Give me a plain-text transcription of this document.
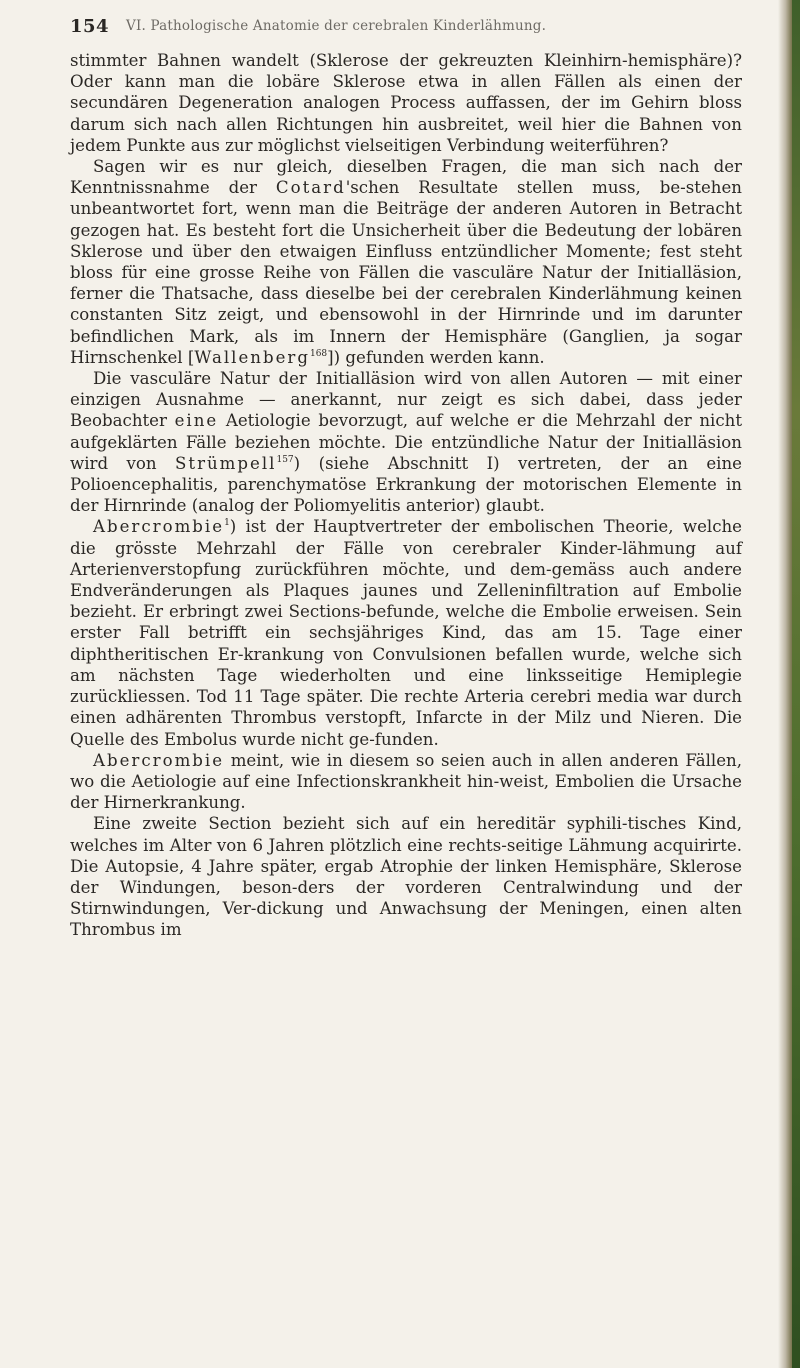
154 VI. Pathologische Anatomie der cerebralen Kinderlähmung.

stimmter Bahnen wandelt (Sklerose der gekreuzten Kleinhirn-hemisphäre)? Oder kann man die lobäre Sklerose etwa in allen Fällen als einen der secundären Degeneration analogen Process auffassen, der im Gehirn bloss darum sich nach allen Richtungen hin ausbreitet, weil hier die Bahnen von jedem Punkte aus zur möglichst vielseitigen Verbindung weiterführen?

Sagen wir es nur gleich, dieselben Fragen, die man sich nach der Kenntnissnahme der Cotard'schen Resultate stellen muss, be-stehen unbeantwortet fort, wenn man die Beiträge der anderen Autoren in Betracht gezogen hat. Es besteht fort die Unsicherheit über die Bedeutung der lobären Sklerose und über den etwaigen Einfluss entzündlicher Momente; fest steht bloss für eine grosse Reihe von Fällen die vasculäre Natur der Initialläsion, ferner die Thatsache, dass dieselbe bei der cerebralen Kinderlähmung keinen constanten Sitz zeigt, und ebensowohl in der Hirnrinde und im darunter befindlichen Mark, als im Innern der Hemisphäre (Ganglien, ja sogar Hirnschenkel [Wallenberg$^{168}$]) gefunden werden kann.

Die vasculäre Natur der Initialläsion wird von allen Autoren — mit einer einzigen Ausnahme — anerkannt, nur zeigt es sich dabei, dass jeder Beobachter eine Aetiologie bevorzugt, auf welche er die Mehrzahl der nicht aufgeklärten Fälle beziehen möchte. Die entzündliche Natur der Initialläsion wird von Strümpell$^{157}$) (siehe Abschnitt I) vertreten, der an eine Polioencephalitis, parenchymatöse Erkrankung der motorischen Elemente in der Hirnrinde (analog der Poliomyelitis anterior) glaubt.

Abercrombie$^1$) ist der Hauptvertreter der embolischen Theorie, welche die grösste Mehrzahl der Fälle von cerebraler Kinder-lähmung auf Arterienverstopfung zurückführen möchte, und dem-gemäss auch andere Endveränderungen als Plaques jaunes und Zelleninfiltration auf Embolie bezieht. Er erbringt zwei Sections-befunde, welche die Embolie erweisen. Sein erster Fall betrifft ein sechsjähriges Kind, das am 15. Tage einer diphtheritischen Er-krankung von Convulsionen befallen wurde, welche sich am nächsten Tage wiederholten und eine linksseitige Hemiplegie zurückliessen. Tod 11 Tage später. Die rechte Arteria cerebri media war durch einen adhärenten Thrombus verstopft, Infarcte in der Milz und Nieren. Die Quelle des Embolus wurde nicht ge-funden.

Abercrombie meint, wie in diesem so seien auch in allen anderen Fällen, wo die Aetiologie auf eine Infectionskrankheit hin-weist, Embolien die Ursache der Hirnerkrankung.

Eine zweite Section bezieht sich auf ein hereditär syphili-tisches Kind, welches im Alter von 6 Jahren plötzlich eine rechts-seitige Lähmung acquirirte. Die Autopsie, 4 Jahre später, ergab Atrophie der linken Hemisphäre, Sklerose der Windungen, beson-ders der vorderen Centralwindung und der Stirnwindungen, Ver-dickung und Anwachsung der Meningen, einen alten Thrombus im
